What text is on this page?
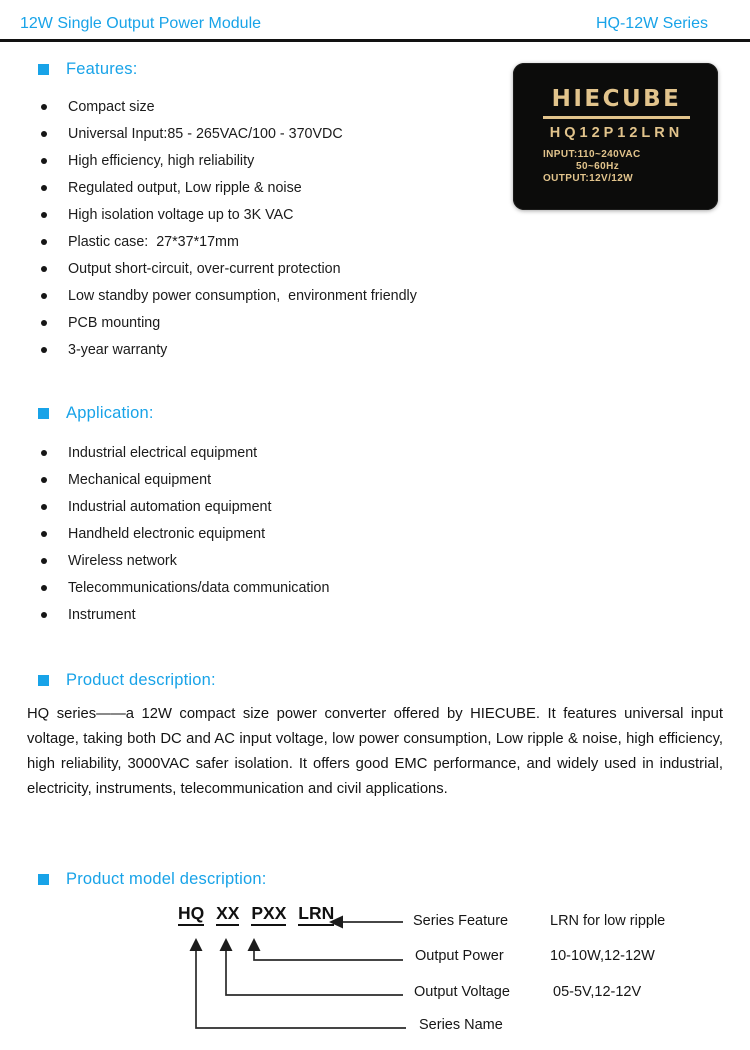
12W Single Output Power Module	HQ-12W Series
Features:
Compact size
Universal Input:85 - 265VAC/100 - 370VDC
High efficiency, high reliability
Regulated output, Low ripple & noise
High isolation voltage up to 3K VAC
Plastic case:  27*37*17mm
Output short-circuit, over-current protection
Low standby power consumption,  environment friendly
PCB mounting
3-year warranty
HIECUBE
HQ12P12LRN
INPUT:110~240VAC
50~60Hz
OUTPUT:12V/12W
Application:
Industrial electrical equipment
Mechanical equipment
Industrial automation equipment
Handheld electronic equipment
Wireless network
Telecommunications/data communication
Instrument
Product description:

HQ series——a 12W compact size power converter offered by HIECUBE. It features universal input voltage, taking both DC and AC input voltage, low power consumption, Low ripple & noise, high efficiency, high reliability, 3000VAC safer isolation. It offers good EMC performance, and widely used in industrial, electricity, instruments, telecommunication and civil applications.

Product model description:
HQ XX PXX LRN	Series Feature	LRN for low ripple
Output Power	10-10W,12-12W
Output Voltage	05-5V,12-12V
Series Name
